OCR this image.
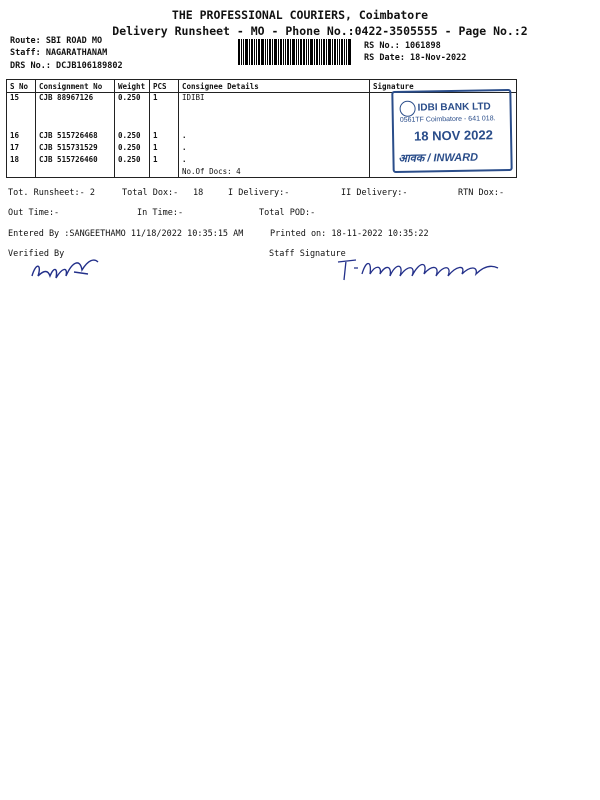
THE PROFESSIONAL COURIERS, Coimbatore
Delivery Runsheet - MO - Phone No.:0422-3505555 - Page No.:2
Route: SBI ROAD MO
Staff: NAGARATHANAM
DRS No.: DCJB106189802
RS No.: 1061898
RS Date: 18-Nov-2022
S No	Consignment No	Weight	PCS	Consignee Details	Signature
15	CJB 88967126	0.250	1	IDIBI	
16	CJB 515726468	0.250	1	.	
17	CJB 515731529	0.250	1	.	
18	CJB 515726460	0.250	1	.	
				No.Of Docs: 4	
IDBI BANK LTD
0561TF Coimbatore - 641 018.
18 NOV 2022
आवक / INWARD
Tot. Runsheet:- 2	Total Dox:- 18	I Delivery:-	II Delivery:-	RTN Dox:-
Out Time:-	In Time:-	Total POD:-
Entered By :SANGEETHAMO 11/18/2022 10:35:15 AM	Printed on: 18-11-2022 10:35:22
Verified By	Staff Signature
